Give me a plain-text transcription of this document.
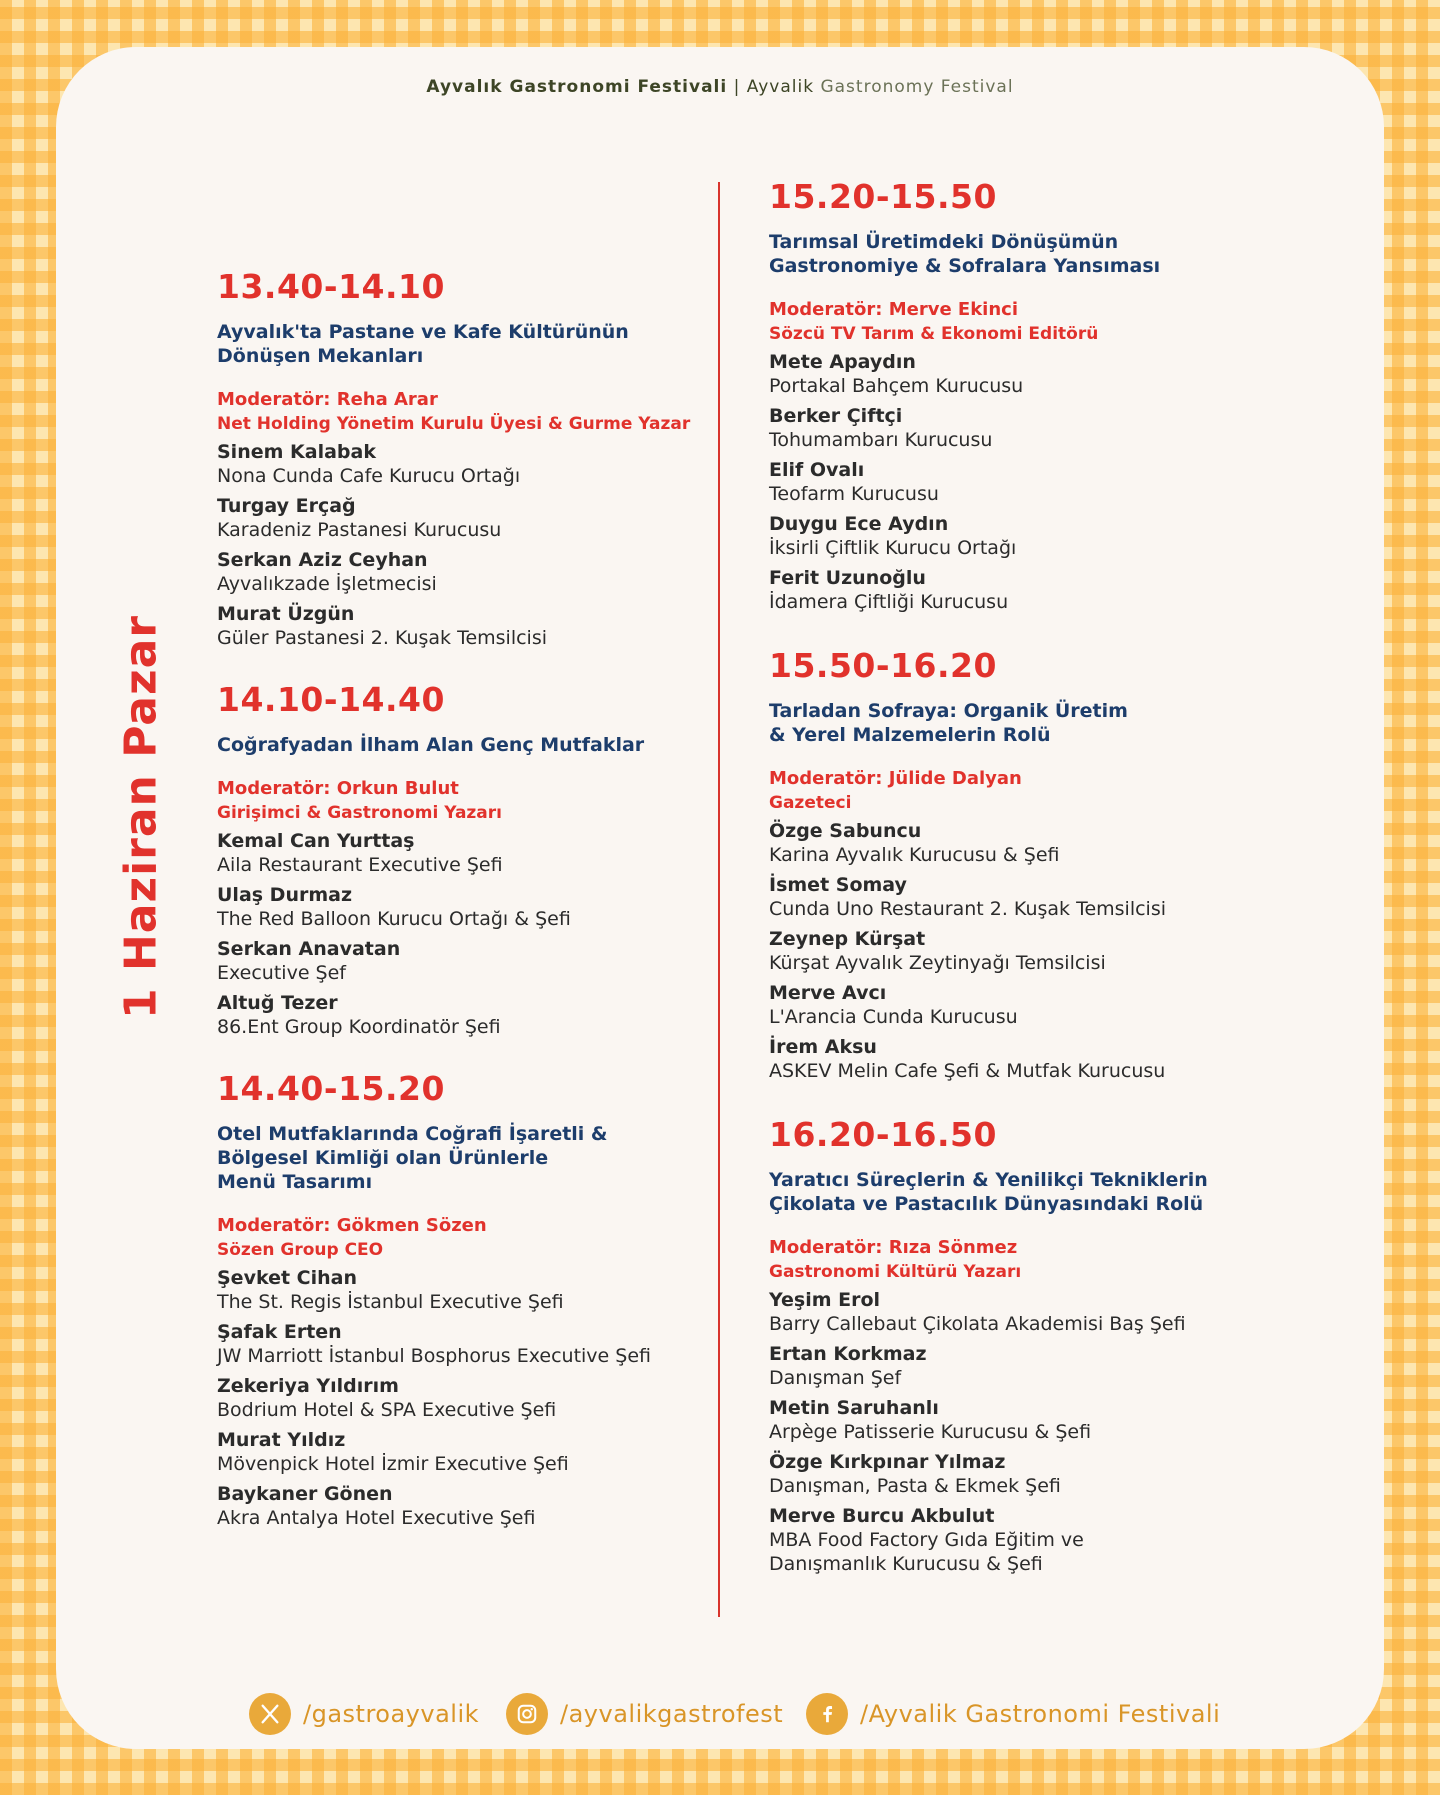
Ayvalık Gastronomi Festivali | Ayvalik Gastronomy Festival
1 Haziran Pazar
13.40-14.10
Ayvalık'ta Pastane ve Kafe Kültürünün
Dönüşen Mekanları
Moderatör: Reha Arar
Net Holding Yönetim Kurulu Üyesi & Gurme Yazar
Sinem Kalabak
Nona Cunda Cafe Kurucu Ortağı
Turgay Erçağ
Karadeniz Pastanesi Kurucusu
Serkan Aziz Ceyhan
Ayvalıkzade İşletmecisi
Murat Üzgün
Güler Pastanesi 2. Kuşak Temsilcisi
14.10-14.40
Coğrafyadan İlham Alan Genç Mutfaklar
Moderatör: Orkun Bulut
Girişimci & Gastronomi Yazarı
Kemal Can Yurttaş
Aila Restaurant Executive Şefi
Ulaş Durmaz
The Red Balloon Kurucu Ortağı & Şefi
Serkan Anavatan
Executive Şef
Altuğ Tezer
86.Ent Group Koordinatör Şefi
14.40-15.20
Otel Mutfaklarında Coğrafi İşaretli &
Bölgesel Kimliği olan Ürünlerle
Menü Tasarımı
Moderatör: Gökmen Sözen
Sözen Group CEO
Şevket Cihan
The St. Regis İstanbul Executive Şefi
Şafak Erten
JW Marriott İstanbul Bosphorus Executive Şefi
Zekeriya Yıldırım
Bodrium Hotel & SPA Executive Şefi
Murat Yıldız
Mövenpick Hotel İzmir Executive Şefi
Baykaner Gönen
Akra Antalya Hotel Executive Şefi
15.20-15.50
Tarımsal Üretimdeki Dönüşümün
Gastronomiye & Sofralara Yansıması
Moderatör: Merve Ekinci
Sözcü TV Tarım & Ekonomi Editörü
Mete Apaydın
Portakal Bahçem Kurucusu
Berker Çiftçi
Tohumambarı Kurucusu
Elif Ovalı
Teofarm Kurucusu
Duygu Ece Aydın
İksirli Çiftlik Kurucu Ortağı
Ferit Uzunoğlu
İdamera Çiftliği Kurucusu
15.50-16.20
Tarladan Sofraya: Organik Üretim
& Yerel Malzemelerin Rolü
Moderatör: Jülide Dalyan
Gazeteci
Özge Sabuncu
Karina Ayvalık Kurucusu & Şefi
İsmet Somay
Cunda Uno Restaurant 2. Kuşak Temsilcisi
Zeynep Kürşat
Kürşat Ayvalık Zeytinyağı Temsilcisi
Merve Avcı
L'Arancia Cunda Kurucusu
İrem Aksu
ASKEV Melin Cafe Şefi & Mutfak Kurucusu
16.20-16.50
Yaratıcı Süreçlerin & Yenilikçi Tekniklerin
Çikolata ve Pastacılık Dünyasındaki Rolü
Moderatör: Rıza Sönmez
Gastronomi Kültürü Yazarı
Yeşim Erol
Barry Callebaut Çikolata Akademisi Baş Şefi
Ertan Korkmaz
Danışman Şef
Metin Saruhanlı
Arpège Patisserie Kurucusu & Şefi
Özge Kırkpınar Yılmaz
Danışman, Pasta & Ekmek Şefi
Merve Burcu Akbulut
MBA Food Factory Gıda Eğitim ve
Danışmanlık Kurucusu & Şefi
/gastroayvalik	/ayvalikgastrofest	/Ayvalik Gastronomi Festivali
